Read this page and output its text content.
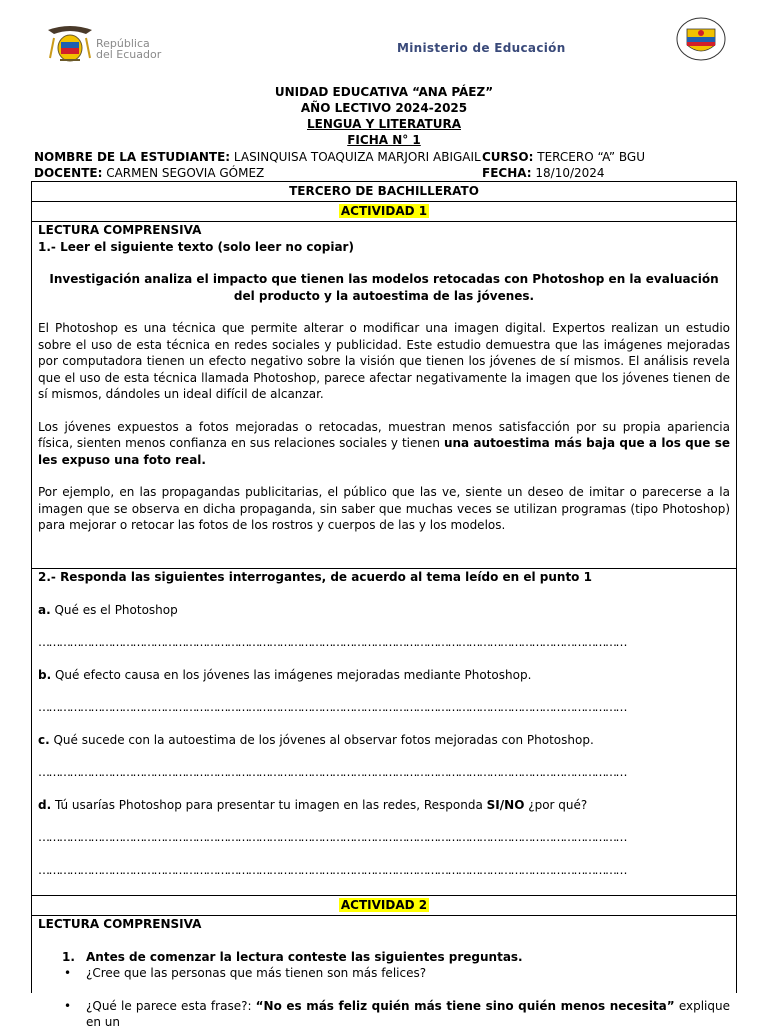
República
del Ecuador	Ministerio de Educación
UNIDAD EDUCATIVA “ANA PÁEZ”
AÑO LECTIVO 2024-2025
LENGUA Y LITERATURA
FICHA N° 1
NOMBRE DE LA ESTUDIANTE: LASINQUISA TOAQUIZA MARJORI ABIGAIL CURSO: TERCERO “A” BGU
DOCENTE: CARMEN SEGOVIA GÓMEZ	FECHA: 18/10/2024
TERCERO DE BACHILLERATO
ACTIVIDAD 1
LECTURA COMPRENSIVA
1.- Leer el siguiente texto (solo leer no copiar)
Investigación analiza el impacto que tienen las modelos retocadas con Photoshop en la evaluación del producto y la autoestima de las jóvenes.
El Photoshop es una técnica que permite alterar o modificar una imagen digital. Expertos realizan un estudio sobre el uso de esta técnica en redes sociales y publicidad. Este estudio demuestra que las imágenes mejoradas por computadora tienen un efecto negativo sobre la visión que tienen los jóvenes de sí mismos. El análisis revela que el uso de esta técnica llamada Photoshop, parece afectar negativamente la imagen que los jóvenes tienen de sí mismos, dándoles un ideal difícil de alcanzar.
Los jóvenes expuestos a fotos mejoradas o retocadas, muestran menos satisfacción por su propia apariencia física, sienten menos confianza en sus relaciones sociales y tienen una autoestima más baja que a los que se les expuso una foto real.
Por ejemplo, en las propagandas publicitarias, el público que las ve, siente un deseo de imitar o parecerse a la imagen que se observa en dicha propaganda, sin saber que muchas veces se utilizan programas (tipo Photoshop) para mejorar o retocar las fotos de los rostros y cuerpos de las y los modelos.
2.- Responda las siguientes interrogantes, de acuerdo al tema leído en el punto 1
a. Qué es el Photoshop
……………………………………………………………………………………………………………………………………………………
b. Qué efecto causa en los jóvenes las imágenes mejoradas mediante Photoshop.
……………………………………………………………………………………………………………………………………………………
c. Qué sucede con la autoestima de los jóvenes al observar fotos mejoradas con Photoshop.
……………………………………………………………………………………………………………………………………………………
d. Tú usarías Photoshop para presentar tu imagen en las redes, Responda SI/NO ¿por qué?
……………………………………………………………………………………………………………………………………………………
……………………………………………………………………………………………………………………………………………………
ACTIVIDAD 2
LECTURA COMPRENSIVA
1. Antes de comenzar la lectura conteste las siguientes preguntas.
• ¿Cree que las personas que más tienen son más felices?
• ¿Qué le parece esta frase?: “No es más feliz quién más tiene sino quién menos necesita” explique en un
